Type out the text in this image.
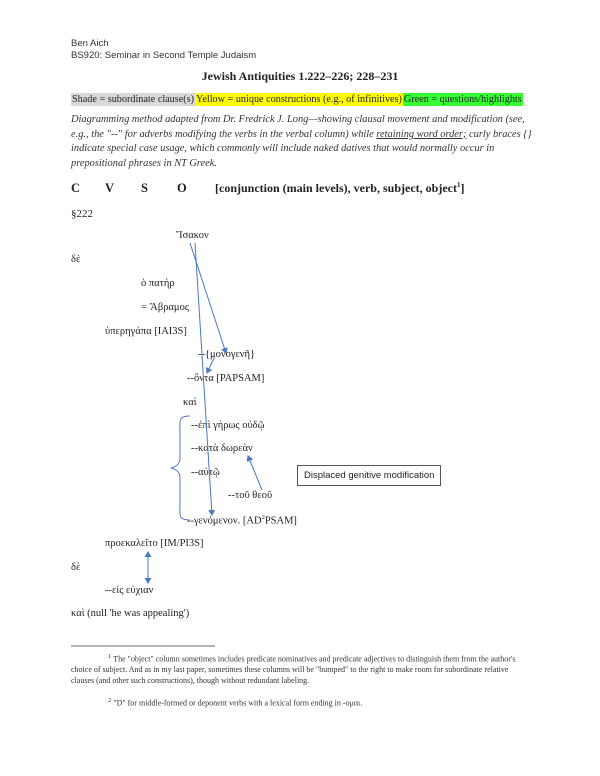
Ben Aich
BS920: Seminar in Second Temple Judaism
Jewish Antiquities 1.222–226; 228–231
Shade = subordinate clause(s) Yellow = unique constructions (e.g., of infinitives) Green = questions/highlights
Diagramming method adapted from Dr. Fredrick J. Long—showing clausal movement and modification (see, e.g., the "--" for adverbs modifying the verbs in the verbal column) while retaining word order; curly braces {} indicate special case usage, which commonly will include naked datives that would normally occur in prepositional phrases in NT Greek.
C V S O [conjunction (main levels), verb, subject, object$^1$]
§222
Ἴσακον
δὲ
ὁ πατήρ
= Ἄβραμος
ὑπερηγάπα [IAI3S]
--{μονογενῆ}
--ὄντα [PAPSAM]
καὶ
--ἐπὶ γήρως οὐδῷ
--κατὰ δωρεὰν
--αὐτῷ
--τοῦ θεοῦ
--γενόμενον. $[AD^2PSAM]$
προεκαλεῖτο [IM/PI3S]
δὲ
--εἰς εὐχιαν
καὶ (null 'he was appealing')
Displaced genitive modification
$^1$ The "object" column sometimes includes predicate nominatives and predicate adjectives to distinguish them from the author's choice of subject. And as in my last paper, sometimes these columns will be "bumped" to the right to make room for subordinate relative clauses (and other such constructions), though without redundant labeling.
$^2$ "D" for middle-formed or deponent verbs with a lexical form ending in -ομαι.
